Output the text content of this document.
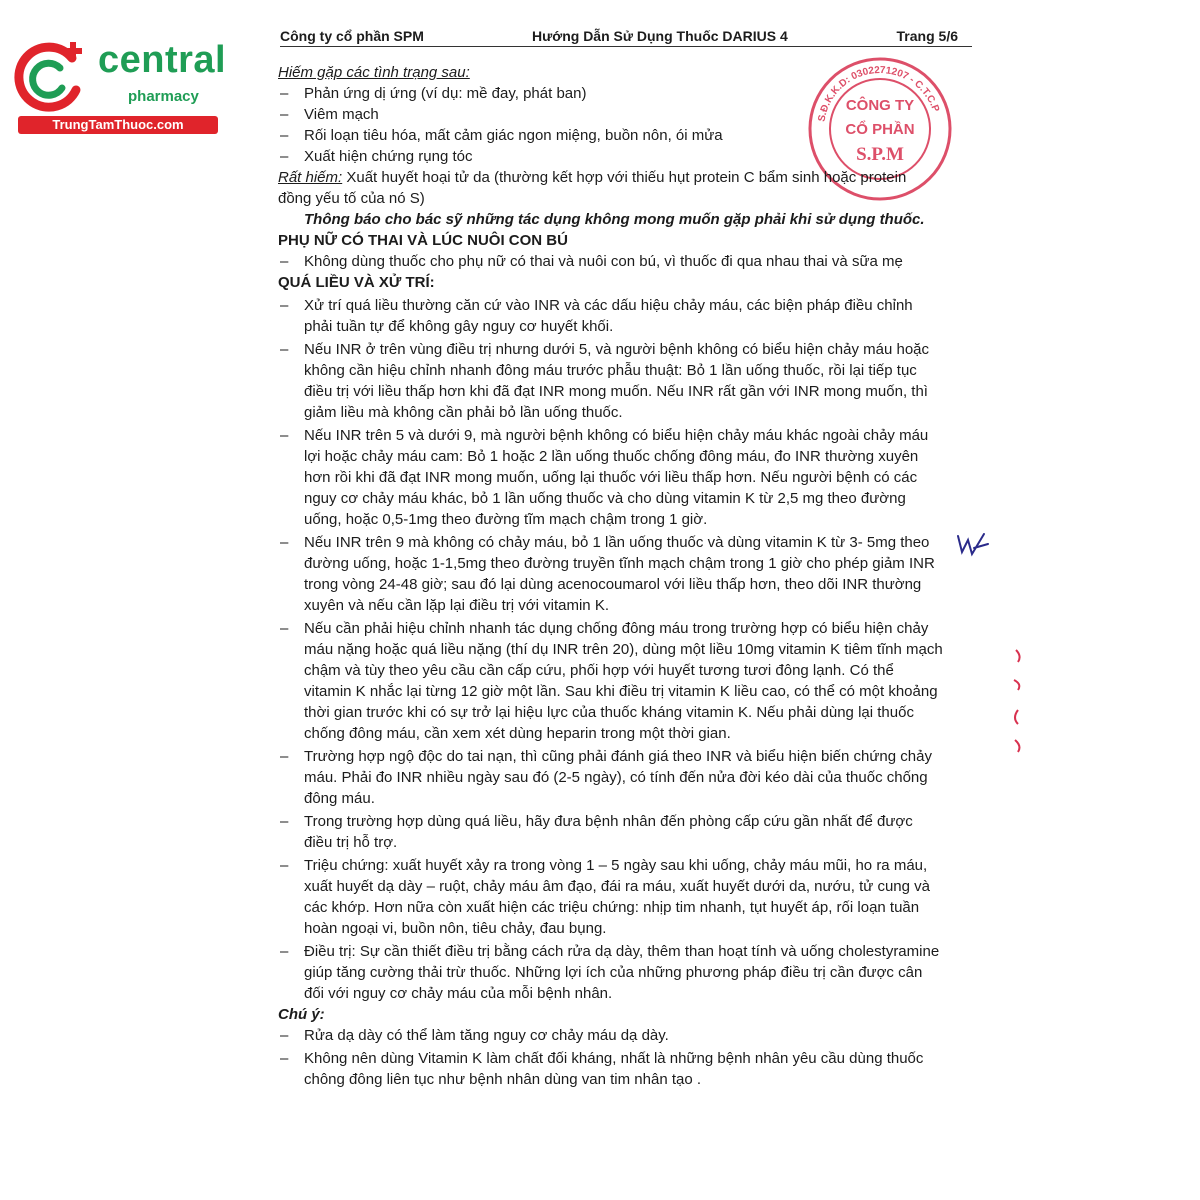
central
pharmacy
TrungTamThuoc.com
Công ty cổ phần SPM	Hướng Dẫn Sử Dụng Thuốc DARIUS 4	Trang 5/6
S.Đ.K.K.D: 0302271207 - C.T.C.P
CÔNG TY
CỔ PHẦN
S.P.M

Hiếm gặp các tình trạng sau:

– Phản ứng dị ứng (ví dụ: mề đay, phát ban)

– Viêm mạch

– Rối loạn tiêu hóa, mất cảm giác ngon miệng, buồn nôn, ói mửa

– Xuất hiện chứng rụng tóc

Rất hiếm: Xuất huyết hoại tử da (thường kết hợp với thiếu hụt protein C bẩm sinh hoặc protein

đồng yếu tố của nó S)

Thông báo cho bác sỹ những tác dụng không mong muốn gặp phải khi sử dụng thuốc.

PHỤ NỮ CÓ THAI VÀ LÚC NUÔI CON BÚ

– Không dùng thuốc cho phụ nữ có thai và nuôi con bú, vì thuốc đi qua nhau thai và sữa mẹ

QUÁ LIỀU VÀ XỬ TRÍ:

– Xử trí quá liều thường căn cứ vào INR và các dấu hiệu chảy máu, các biện pháp điều chỉnh

phải tuần tự để không gây nguy cơ huyết khối.

– Nếu INR ở trên vùng điều trị nhưng dưới 5, và người bệnh không có biểu hiện chảy máu hoặc

không cần hiệu chỉnh nhanh đông máu trước phẫu thuật: Bỏ 1 lần uống thuốc, rồi lại tiếp tục

điều trị với liều thấp hơn khi đã đạt INR mong muốn. Nếu INR rất gần với INR mong muốn, thì

giảm liều mà không cần phải bỏ lần uống thuốc.

– Nếu INR trên 5 và dưới 9, mà người bệnh không có biểu hiện chảy máu khác ngoài chảy máu

lợi hoặc chảy máu cam: Bỏ 1 hoặc 2 lần uống thuốc chống đông máu, đo INR thường xuyên

hơn rồi khi đã đạt INR mong muốn, uống lại thuốc với liều thấp hơn. Nếu người bệnh có các

nguy cơ chảy máu khác, bỏ 1 lần uống thuốc và cho dùng vitamin K từ 2,5 mg theo đường

uống, hoặc 0,5-1mg theo đường tĩm mạch chậm trong 1 giờ.

– Nếu INR trên 9 mà không có chảy máu, bỏ 1 lần uống thuốc và dùng vitamin K từ 3- 5mg theo

đường uống, hoặc 1-1,5mg theo đường truyền tĩnh mạch chậm trong 1 giờ cho phép giảm INR

trong vòng 24-48 giờ; sau đó lại dùng acenocoumarol với liều thấp hơn, theo dõi INR thường

xuyên và nếu cần lặp lại điều trị với vitamin K.

– Nếu cần phải hiệu chỉnh nhanh tác dụng chống đông máu trong trường hợp có biểu hiện chảy

máu nặng hoặc quá liều nặng (thí dụ INR trên 20), dùng một liều 10mg vitamin K tiêm tĩnh mạch

chậm và tùy theo yêu cầu cần cấp cứu, phối hợp với huyết tương tươi đông lạnh. Có thể

vitamin K nhắc lại từng 12 giờ một lần. Sau khi điều trị vitamin K liều cao, có thể có một khoảng

thời gian trước khi có sự trở lại hiệu lực của thuốc kháng vitamin K. Nếu phải dùng lại thuốc

chống đông máu, cần xem xét dùng heparin trong một thời gian.

– Trường hợp ngộ độc do tai nạn, thì cũng phải đánh giá theo INR và biểu hiện biến chứng chảy

máu. Phải đo INR nhiều ngày sau đó (2-5 ngày), có tính đến nửa đời kéo dài của thuốc chống

đông máu.

– Trong trường hợp dùng quá liều, hãy đưa bệnh nhân đến phòng cấp cứu gần nhất để được

điều trị hỗ trợ.

– Triệu chứng: xuất huyết xảy ra trong vòng 1 – 5 ngày sau khi uống, chảy máu mũi, ho ra máu,

xuất huyết dạ dày – ruột, chảy máu âm đạo, đái ra máu, xuất huyết dưới da, nướu, tử cung và

các khớp. Hơn nữa còn xuất hiện các triệu chứng: nhịp tim nhanh, tụt huyết áp, rối loạn tuần

hoàn ngoại vi, buồn nôn, tiêu chảy, đau bụng.

– Điều trị: Sự cần thiết điều trị bằng cách rửa dạ dày, thêm than hoạt tính và uống cholestyramine

giúp tăng cường thải trừ thuốc. Những lợi ích của những phương pháp điều trị cần được cân

đối với nguy cơ chảy máu của mỗi bệnh nhân.

Chú ý:

– Rửa dạ dày có thể làm tăng nguy cơ chảy máu dạ dày.

– Không nên dùng Vitamin K làm chất đối kháng, nhất là những bệnh nhân yêu cầu dùng thuốc

chông đông liên tục như bệnh nhân dùng van tim nhân tạo .
